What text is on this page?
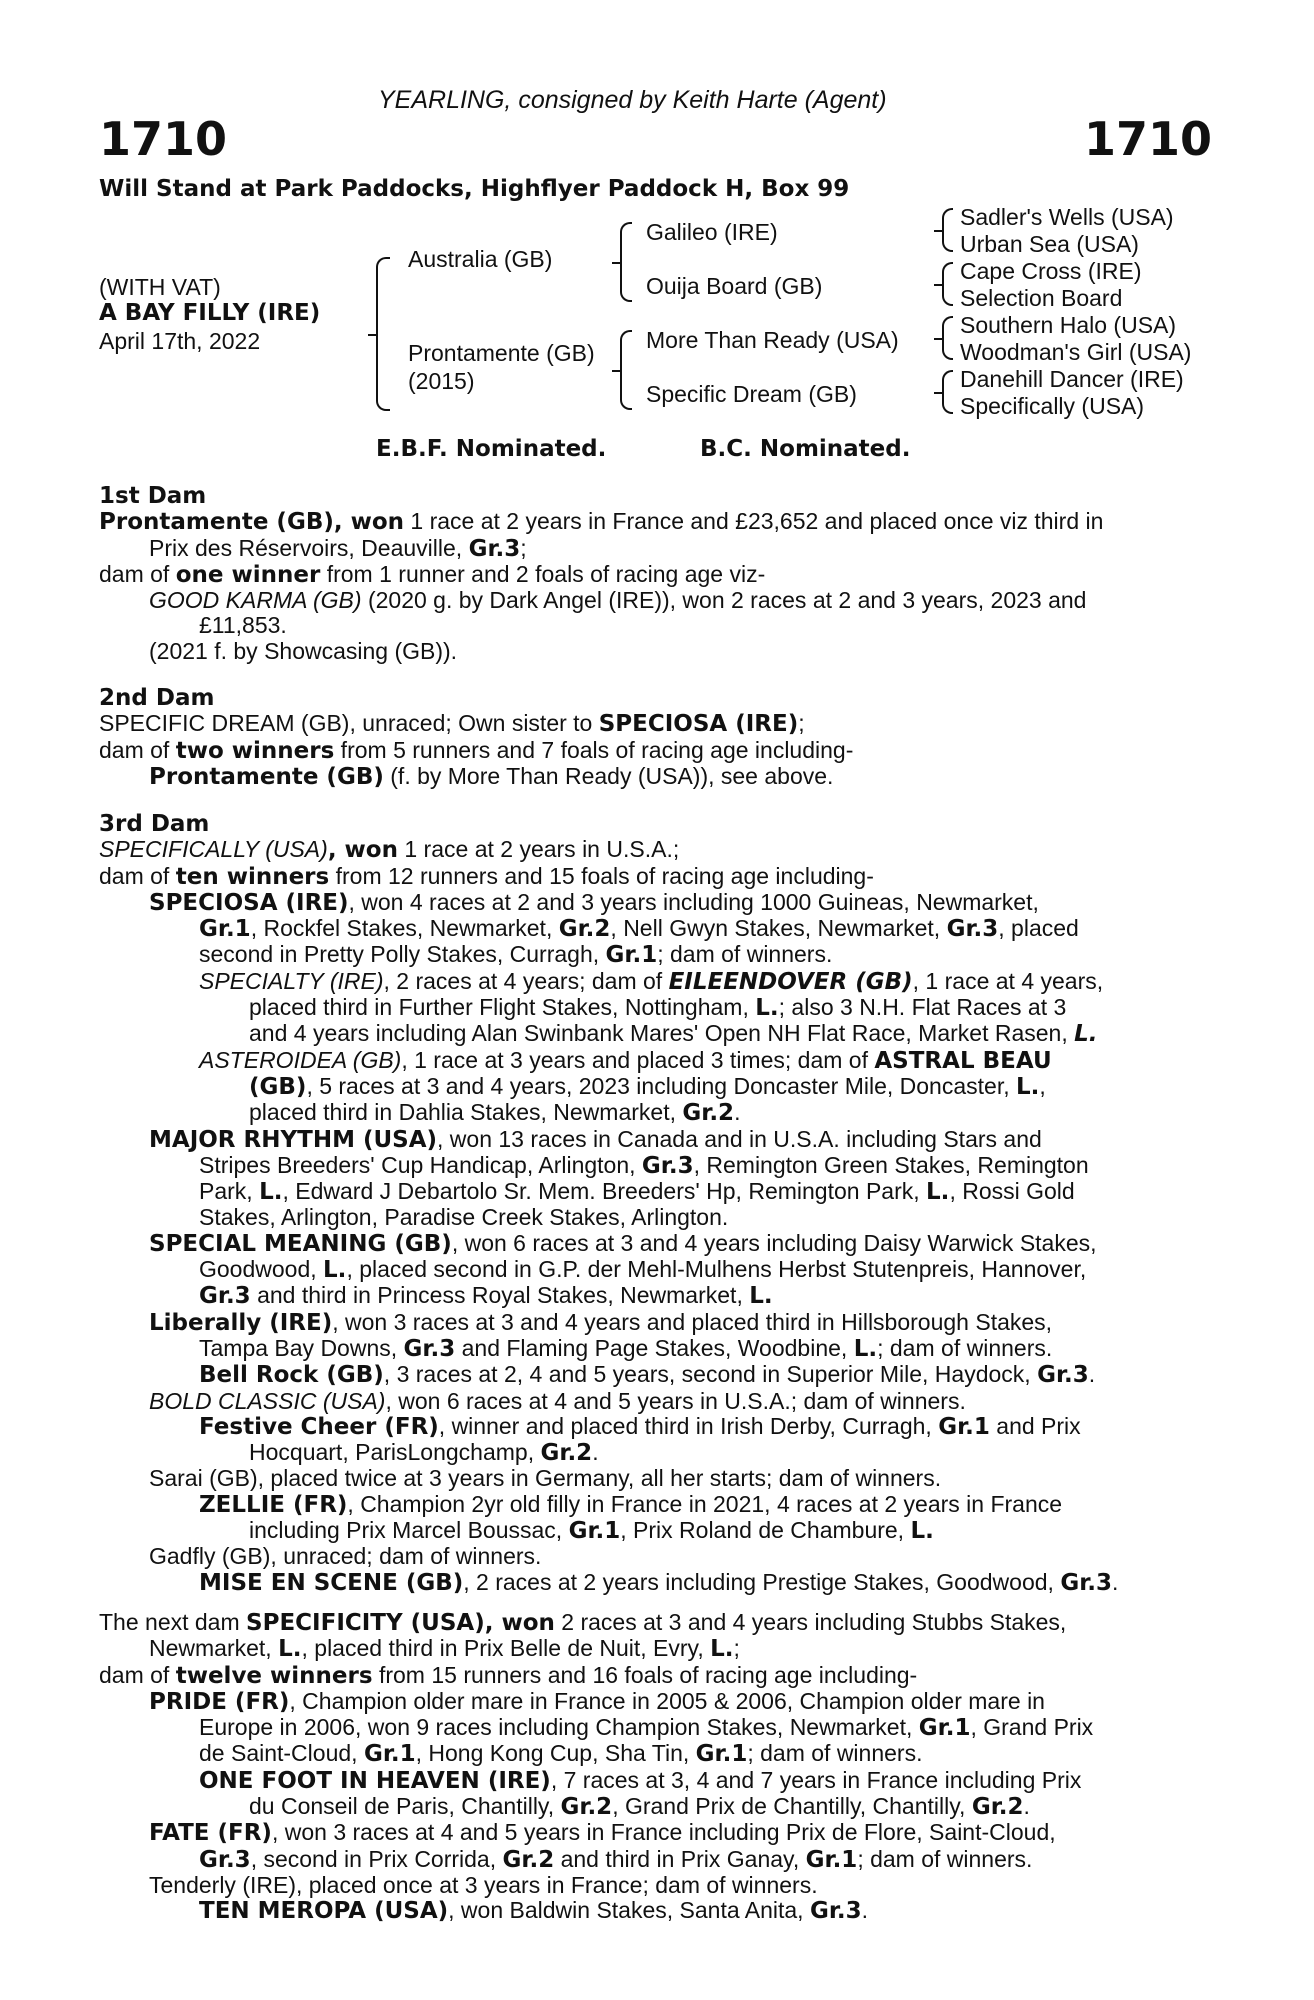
YEARLING, consigned by Keith Harte (Agent)
1710	1710
Will Stand at Park Paddocks, Highflyer Paddock H, Box 99
(WITH VAT)
A BAY FILLY (IRE)
April 17th, 2022
Australia (GB)
Prontamente (GB)
(2015)
Galileo (IRE)
Ouija Board (GB)
More Than Ready (USA)
Specific Dream (GB)
Sadler's Wells (USA)
Urban Sea (USA)
Cape Cross (IRE)
Selection Board
Southern Halo (USA)
Woodman's Girl (USA)
Danehill Dancer (IRE)
Specifically (USA)
E.B.F. Nominated.	B.C. Nominated.
1st Dam
Prontamente (GB), won 1 race at 2 years in France and £23,652 and placed once viz third in
Prix des Réservoirs, Deauville, Gr.3;
dam of one winner from 1 runner and 2 foals of racing age viz-
GOOD KARMA (GB) (2020 g. by Dark Angel (IRE)), won 2 races at 2 and 3 years, 2023 and
£11,853.
(2021 f. by Showcasing (GB)).
2nd Dam
SPECIFIC DREAM (GB), unraced; Own sister to SPECIOSA (IRE);
dam of two winners from 5 runners and 7 foals of racing age including-
Prontamente (GB) (f. by More Than Ready (USA)), see above.
3rd Dam
SPECIFICALLY (USA), won 1 race at 2 years in U.S.A.;
dam of ten winners from 12 runners and 15 foals of racing age including-
SPECIOSA (IRE), won 4 races at 2 and 3 years including 1000 Guineas, Newmarket,
Gr.1, Rockfel Stakes, Newmarket, Gr.2, Nell Gwyn Stakes, Newmarket, Gr.3, placed
second in Pretty Polly Stakes, Curragh, Gr.1; dam of winners.
SPECIALTY (IRE), 2 races at 4 years; dam of EILEENDOVER (GB), 1 race at 4 years,
placed third in Further Flight Stakes, Nottingham, L.; also 3 N.H. Flat Races at 3
and 4 years including Alan Swinbank Mares' Open NH Flat Race, Market Rasen, L.
ASTEROIDEA (GB), 1 race at 3 years and placed 3 times; dam of ASTRAL BEAU
(GB), 5 races at 3 and 4 years, 2023 including Doncaster Mile, Doncaster, L.,
placed third in Dahlia Stakes, Newmarket, Gr.2.
MAJOR RHYTHM (USA), won 13 races in Canada and in U.S.A. including Stars and
Stripes Breeders' Cup Handicap, Arlington, Gr.3, Remington Green Stakes, Remington
Park, L., Edward J Debartolo Sr. Mem. Breeders' Hp, Remington Park, L., Rossi Gold
Stakes, Arlington, Paradise Creek Stakes, Arlington.
SPECIAL MEANING (GB), won 6 races at 3 and 4 years including Daisy Warwick Stakes,
Goodwood, L., placed second in G.P. der Mehl-Mulhens Herbst Stutenpreis, Hannover,
Gr.3 and third in Princess Royal Stakes, Newmarket, L.
Liberally (IRE), won 3 races at 3 and 4 years and placed third in Hillsborough Stakes,
Tampa Bay Downs, Gr.3 and Flaming Page Stakes, Woodbine, L.; dam of winners.
Bell Rock (GB), 3 races at 2, 4 and 5 years, second in Superior Mile, Haydock, Gr.3.
BOLD CLASSIC (USA), won 6 races at 4 and 5 years in U.S.A.; dam of winners.
Festive Cheer (FR), winner and placed third in Irish Derby, Curragh, Gr.1 and Prix
Hocquart, ParisLongchamp, Gr.2.
Sarai (GB), placed twice at 3 years in Germany, all her starts; dam of winners.
ZELLIE (FR), Champion 2yr old filly in France in 2021, 4 races at 2 years in France
including Prix Marcel Boussac, Gr.1, Prix Roland de Chambure, L.
Gadfly (GB), unraced; dam of winners.
MISE EN SCENE (GB), 2 races at 2 years including Prestige Stakes, Goodwood, Gr.3.
The next dam SPECIFICITY (USA), won 2 races at 3 and 4 years including Stubbs Stakes,
Newmarket, L., placed third in Prix Belle de Nuit, Evry, L.;
dam of twelve winners from 15 runners and 16 foals of racing age including-
PRIDE (FR), Champion older mare in France in 2005 & 2006, Champion older mare in
Europe in 2006, won 9 races including Champion Stakes, Newmarket, Gr.1, Grand Prix
de Saint-Cloud, Gr.1, Hong Kong Cup, Sha Tin, Gr.1; dam of winners.
ONE FOOT IN HEAVEN (IRE), 7 races at 3, 4 and 7 years in France including Prix
du Conseil de Paris, Chantilly, Gr.2, Grand Prix de Chantilly, Chantilly, Gr.2.
FATE (FR), won 3 races at 4 and 5 years in France including Prix de Flore, Saint-Cloud,
Gr.3, second in Prix Corrida, Gr.2 and third in Prix Ganay, Gr.1; dam of winners.
Tenderly (IRE), placed once at 3 years in France; dam of winners.
TEN MEROPA (USA), won Baldwin Stakes, Santa Anita, Gr.3.
